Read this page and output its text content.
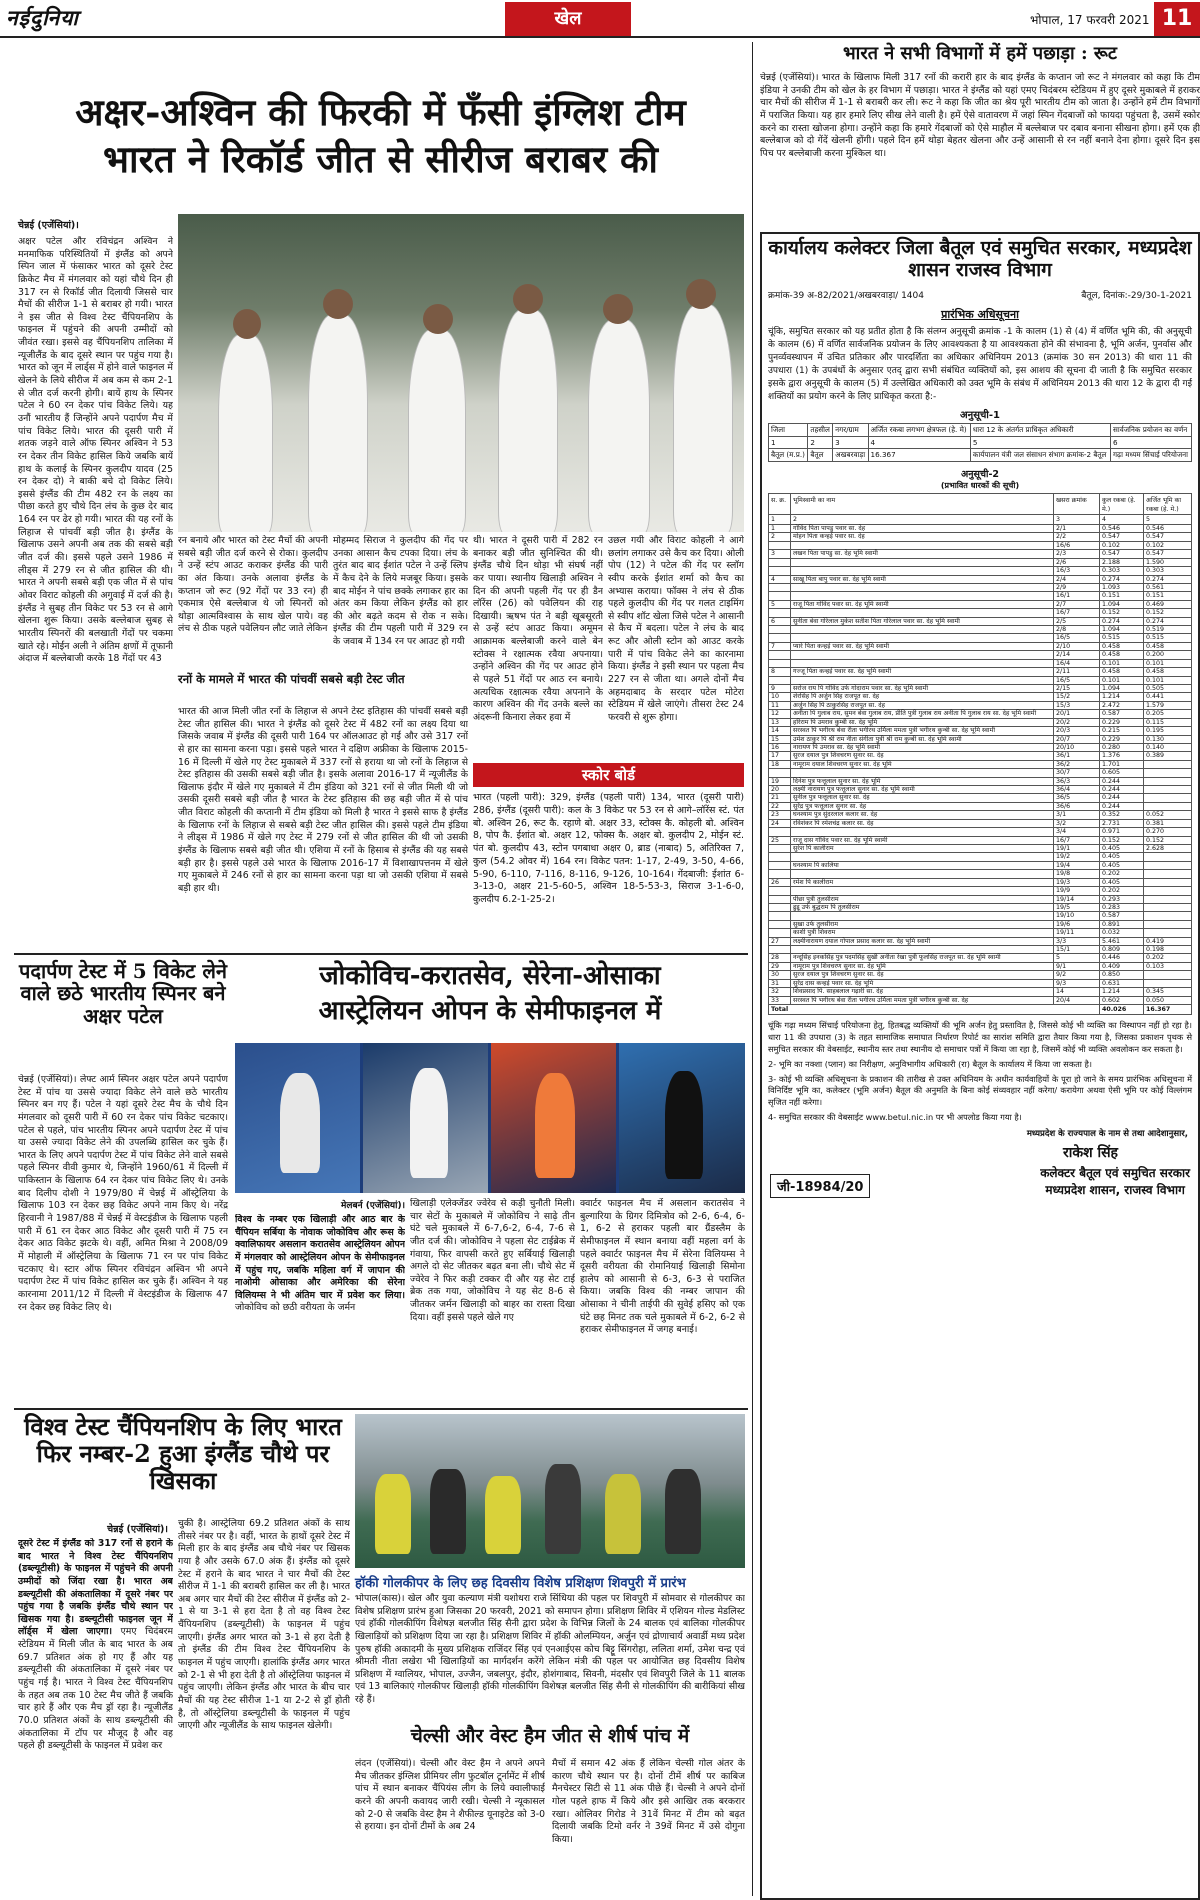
नईदुनिया	खेल	भोपाल, 17 फरवरी 2021 11
अक्षर-अश्विन की फिरकी में फँसी इंग्लिश टीम
भारत ने रिकॉर्ड जीत से सीरीज बराबर की
चेन्नई (एजेंसियां)।
अक्षर पटेल और रविचंद्रन अश्विन ने मनमाफिक परिस्थितियों में इंग्लैंड को अपने स्पिन जाल में फंसाकर भारत को दूसरे टेस्ट क्रिकेट मैच में मंगलवार को यहां चौथे दिन ही 317 रन से रिकॉर्ड जीत दिलायी जिससे चार मैचों की सीरीज 1-1 से बराबर हो गयी। भारत ने इस जीत से विश्व टेस्ट चैंपियनशिप के फाइनल में पहुंचने की अपनी उम्मीदों को जीवंत रखा। इससे वह चैंपियनशिप तालिका में न्यूजीलैंड के बाद दूसरे स्थान पर पहुंच गया है। भारत को जून में लार्ड्स में होने वाले फाइनल में खेलने के लिये सीरीज में अब कम से कम 2-1 से जीत दर्ज करनी होगी। बायें हाथ के स्पिनर पटेल ने 60 रन देकर पांच विकेट लिये। यह उनौं भारतीय हैं जिन्होंने अपने पदार्पण मैच में पांच विकेट लिये। भारत की दूसरी पारी में शतक जड़ने वाले ऑफ स्पिनर अश्विन ने 53 रन देकर तीन विकेट हासिल किये जबकि बायें हाथ के कलाई के स्पिनर कुलदीप यादव (25 रन देकर दो) ने बाकी बचे दो विकेट लिये। इससे इंग्लैंड की टीम 482 रन के लक्ष्य का पीछा करते हुए चौथे दिन लंच के कुछ देर बाद 164 रन पर ढेर हो गयी। भारत की यह रनों के लिहाज से पांचवीं बड़ी जीत है। इंग्लैंड के खिलाफ उसने अपनी अब तक की सबसे बड़ी जीत दर्ज की। इससे पहले उसने 1986 में लीड्स में 279 रन से जीत हासिल की थी। भारत ने अपनी सबसे बड़ी एक जीत में से पांच ओवर विराट कोहली की अगुवाई में दर्ज की है। इंग्लैंड ने सुबह तीन विकेट पर 53 रन से आगे खेलना शुरू किया। उसके बल्लेबाज सुबह से भारतीय स्पिनरों की बलखाती गेंदों पर चकमा खाते रहे। मोईन अली ने अंतिम क्षणों में तूफानी अंदाज में बल्लेबाजी करके 18 गेंदों पर 43
रन बनाये और भारत को टेस्ट मैचों की अपनी सबसे बड़ी जीत दर्ज करने से रोका। कुलदीप ने उन्हें स्टंप आउट कराकर इंग्लैंड की पारी का अंत किया। उनके अलावा इंग्लैंड के कप्तान जो रूट (92 गेंदों पर 33 रन) ही एकमात्र ऐसे बल्लेबाज थे जो स्पिनरों को थोड़ा आत्मविश्वास के साथ खेल पाये। वह लंच से ठीक पहले पवेलियन लौट जाते लेकिन
मोहम्मद सिराज ने कुलदीप की गेंद पर उनका आसान कैच टपका दिया। लंच के तुरंत बाद बाद ईशांत पटेल ने उन्हें स्लिप में कैच देने के लिये मजबूर किया। इसके बाद मोईन ने पांच छक्के लगाकर हार का अंतर कम किया लेकिन इंग्लैंड को हार की ओर बढ़ते कदम से रोक न सके। इंग्लैंड की टीम पहली पारी में 329 रन के जवाब में 134 रन पर आउट हो गयी
थी। भारत ने दूसरी पारी में 282 रन बनाकर बड़ी जीत सुनिश्चित की थी। इंग्लैंड चौथे दिन थोड़ा भी संघर्ष नहीं कर पाया। स्थानीय खिलाड़ी अश्विन ने दिन की अपनी पहली गेंद पर ही डैन लॉरेंस (26) को पवेलियन की राह दिखायी। ऋषभ पंत ने बड़ी खूबसूरती से उन्हें स्टंप आउट किया। अमूमन आक्रामक बल्लेबाजी करने वाले बेन स्टोक्स ने रक्षात्मक रवैया अपनाया। उन्होंने अश्विन की गेंद पर आउट होने से पहले 51 गेंदों पर आठ रन बनाये। अत्यधिक रक्षात्मक रवैया अपनाने के कारण अश्विन की गेंद उनके बल्ले का अंदरूनी किनारा लेकर हवा में
उछल गयी और विराट कोहली ने आगे छलांग लगाकर उसे कैच कर दिया। ओली पोप (12) ने पटेल की गेंद पर स्लॉग स्वीप करके ईशांत शर्मा को कैच का अभ्यास कराया। फॉक्स ने लंच से ठीक पहले कुलदीप की गेंद पर गलत टाइमिंग से स्वीप शॉट खेला जिसे पटेल ने आसानी से कैच में बदला। पटेल ने लंच के बाद रूट और ओली स्टोन को आउट करके पारी में पांच विकेट लेने का कारनामा किया। इंग्लैंड ने इसी स्थान पर पहला मैच 227 रन से जीता था। अगले दोनों मैच अहमदाबाद के सरदार पटेल मोटेरा स्टेडियम में खेले जाएंगे। तीसरा टेस्ट 24 फरवरी से शुरू होगा।
रनों के मामले में भारत की पांचवीं सबसे बड़ी टेस्ट जीत
भारत की आज मिली जीत रनों के लिहाज से अपने टेस्ट इतिहास की पांचवीं सबसे बड़ी टेस्ट जीत हासिल की। भारत ने इंग्लैंड को दूसरे टेस्ट में 482 रनों का लक्ष्य दिया था जिसके जवाब में इंग्लैंड की दूसरी पारी 164 पर ऑलआउट हो गई और उसे 317 रनों से हार का सामना करना पड़ा। इससे पहले भारत ने दक्षिण अफ्रीका के खिलाफ 2015-16 में दिल्ली में खेले गए टेस्ट मुकाबले में 337 रनों से हराया था जो रनों के लिहाज से टेस्ट इतिहास की उसकी सबसे बड़ी जीत है। इसके अलावा 2016-17 में न्यूजीलैंड के खिलाफ इंदौर में खेले गए मुकाबले में टीम इंडिया को 321 रनों से जीत मिली थी जो उसकी दूसरी सबसे बड़ी जीत है भारत के टेस्ट इतिहास की छह बड़ी जीत में से पांच जीत विराट कोहली की कप्तानी में टीम इंडिया को मिली है भारत ने इससे साफ है इंग्लैंड के खिलाफ रनों के लिहाज से सबसे बड़ी टेस्ट जीत हासिल की। इससे पहले टीम इंडिया ने लीड्स में 1986 में खेले गए टेस्ट में 279 रनों से जीत हासिल की थी जो उसकी इंग्लैंड के खिलाफ सबसे बड़ी जीत थी। एशिया में रनों के हिसाब से इंग्लैंड की यह सबसे बड़ी हार है। इससे पहले उसे भारत के खिलाफ 2016-17 में विशाखापत्तनम में खेले गए मुकाबले में 246 रनों से हार का सामना करना पड़ा था जो उसकी एशिया में सबसे बड़ी हार थी।
स्कोर बोर्ड
भारत (पहली पारी): 329, इंग्लैंड (पहली पारी) 134, भारत (दूसरी पारी) 286, इंग्लैंड (दूसरी पारी): कल के 3 विकेट पर 53 रन से आगे–लॉरेंस स्टं. पंत बो. अश्विन 26, रूट कै. रहाणे बो. अक्षर 33, स्टोक्स कै. कोहली बो. अश्विन 8, पोप कै. ईशांत बो. अक्षर 12, फोक्स कै. अक्षर बो. कुलदीप 2, मोईन स्टं. पंत बो. कुलदीप 43, स्टोन पगबाधा अक्षर 0, ब्राड (नाबाद) 5, अतिरिक्त 7, कुल (54.2 ओवर में) 164 रन। विकेट पतन: 1-17, 2-49, 3-50, 4-66, 5-90, 6-110, 7-116, 8-116, 9-126, 10-164। गेंदबाजी: ईशांत 6-3-13-0, अक्षर 21-5-60-5, अश्विन 18-5-53-3, सिराज 3-1-6-0, कुलदीप 6.2-1-25-2।
पदार्पण टेस्ट में 5 विकेट लेने वाले छठे भारतीय स्पिनर बने अक्षर पटेल
चेन्नई (एजेंसियां)। लेफ्ट आर्म स्पिनर अक्षर पटेल अपने पदार्पण टेस्ट में पांच या उससे ज्यादा विकेट लेने वाले छठे भारतीय स्पिनर बन गए हैं। पटेल ने यहां दूसरे टेस्ट मैच के चौथे दिन मंगलवार को दूसरी पारी में 60 रन देकर पांच विकेट चटकाए। पटेल से पहले, पांच भारतीय स्पिनर अपने पदार्पण टेस्ट में पांच या उससे ज्यादा विकेट लेने की उपलब्धि हासिल कर चुके हैं। भारत के लिए अपने पदार्पण टेस्ट में पांच विकेट लेने वाले सबसे पहले स्पिनर वीवी कुमार थे, जिन्होंने 1960/61 में दिल्ली में पाकिस्तान के खिलाफ 64 रन देकर पांच विकेट लिए थे। उनके बाद दिलीप दोशी ने 1979/80 में चेन्नई में ऑस्ट्रेलिया के खिलाफ 103 रन देकर छह विकेट अपने नाम किए थे। नरेंद्र हिरवानी ने 1987/88 में चेन्नई में वेस्टइंडीज के खिलाफ पहली पारी में 61 रन देकर आठ विकेट और दूसरी पारी में 75 रन देकर आठ विकेट झटके थे। वहीं, अमित मिश्रा ने 2008/09 में मोहाली में ऑस्ट्रेलिया के खिलाफ 71 रन पर पांच विकेट चटकाए थे। स्टार ऑफ स्पिनर रविचंद्रन अश्विन भी अपने पदार्पण टेस्ट में पांच विकेट हासिल कर चुके हैं। अश्विन ने यह कारनामा 2011/12 में दिल्ली में वेस्टइंडीज के खिलाफ 47 रन देकर छह विकेट लिए थे।
जोकोविच-करातसेव, सेरेना-ओसाका
आस्ट्रेलियन ओपन के सेमीफाइनल में
मेलबर्न (एजेंसियां)।
विश्व के नम्बर एक खिलाड़ी और आठ बार के चैंपियन सर्बिया के नोवाक जोकोविच और रूस के क्वालिफायर असलान करातसेव आस्ट्रेलियन ओपन में मंगलवार को आस्ट्रेलियन ओपन के सेमीफाइनल में पहुंच गए, जबकि महिला वर्ग में जापान की नाओमी ओसाका और अमेरिका की सेरेना विलियम्स ने भी अंतिम चार में प्रवेश कर लिया। जोकोविच को छठी वरीयता के जर्मन
खिलाड़ी एलेक्जेंडर ज्वेरेव से कड़ी चुनौती मिली। चार सेटों के मुकाबले में जोकोविच ने साढ़े तीन घंटे चले मुकाबले में 6-7,6-2, 6-4, 7-6 से जीत दर्ज की। जोकोविच ने पहला सेट टाईब्रेक में गंवाया, फिर वापसी करते हुए सर्बियाई खिलाड़ी अगले दो सेट जीतकर बढ़त बना ली। चौथे सेट में ज्वेरेव ने फिर कड़ी टक्कर दी और यह सेट टाई ब्रेक तक गया, जोकोविच ने यह सेट 8-6 से जीतकर जर्मन खिलाड़ी को बाहर का रास्ता दिखा दिया। वहीं इससे पहले खेले गए
क्वार्टर फाइनल मैच में असलान करातसेव ने बुल्गारिया के ग्रिगर दिमित्रोव को 2-6, 6-4, 6-1, 6-2 से हराकर पहली बार ग्रैंडस्लैम के सेमीफाइनल में स्थान बनाया वहीं महला वर्ग के पहले क्वार्टर फाइनल मैच में सेरेना विलियम्स ने दूसरी वरीयता की रोमानियाई खिलाड़ी सिमोना हालेप को आसानी से 6-3, 6-3 से पराजित किया। जबकि विश्व की नम्बर जापान की ओसाका ने चीनी ताईपी की सुवेई हसिए को एक घंटे छह मिनट तक चले मुकाबले में 6-2, 6-2 से हराकर सेमीफाइनल में जगह बनाई।
विश्व टेस्ट चैंपियनशिप के लिए भारत फिर नम्बर-2 हुआ इंग्लैंड चौथे पर खिसका
चेन्नई (एजेंसियां)।
दूसरे टेस्ट में इंग्लैंड को 317 रनों से हराने के बाद भारत ने विश्व टेस्ट चैंपियनशिप (डब्ल्यूटीसी) के फाइनल में पहुंचने की अपनी उम्मीदों को जिंदा रखा है। भारत अब डब्ल्यूटीसी की अंकतालिका में दूसरे नंबर पर पहुंच गया है जबकि इंग्लैंड चौथे स्थान पर खिसक गया है। डब्ल्यूटीसी फाइनल जून में लॉर्ड्स में खेला जाएगा। एमए चिदंबरम स्टेडियम में मिली जीत के बाद भारत के अब 69.7 प्रतिशत अंक हो गए हैं और यह डब्ल्यूटीसी की अंकतालिका में दूसरे नंबर पर पहुंच गई है। भारत ने विश्व टेस्ट चैंपियनशिप के तहत अब तक 10 टेस्ट मैच जीते हैं जबकि चार हारे हैं और एक मैच ड्रॉ रहा है। न्यूजीलैंड 70.0 प्रतिशत अंकों के साथ डब्ल्यूटीसी की अंकतालिका में टॉप पर मौजूद है और वह पहले ही डब्ल्यूटीसी के फाइनल में प्रवेश कर
चुकी है। आस्ट्रेलिया 69.2 प्रतिशत अंकों के साथ तीसरे नंबर पर है। वहीं, भारत के हाथों दूसरे टेस्ट में मिली हार के बाद इंग्लैंड अब चौथे नंबर पर खिसक गया है और उसके 67.0 अंक हैं। इंग्लैंड को दूसरे टेस्ट में हराने के बाद भारत ने चार मैचों की टेस्ट सीरीज में 1-1 की बराबरी हासिल कर ली है। भारत अब अगर चार मैचों की टेस्ट सीरीज में इंग्लैंड को 2-1 से या 3-1 से हरा देता है तो वह विश्व टेस्ट चैंपियनशिप (डब्ल्यूटीसी) के फाइनल में पहुंच जाएगी। इंग्लैंड अगर भारत को 3-1 से हरा देती है तो इंग्लैंड की टीम विश्व टेस्ट चैंपियनशिप के फाइनल में पहुंच जाएगी। हालांकि इंग्लैंड अगर भारत को 2-1 से भी हरा देती है तो ऑस्ट्रेलिया फाइनल में पहुंच जाएगी। लेकिन इंग्लैंड और भारत के बीच चार मैचों की यह टेस्ट सीरीज 1-1 या 2-2 से ड्रॉ होती है, तो ऑस्ट्रेलिया डब्ल्यूटीसी के फाइनल में पहुंच जाएगी और न्यूजीलैंड के साथ फाइनल खेलेगी।
हॉकी गोलकीपर के लिए छह दिवसीय विशेष प्रशिक्षण शिवपुरी में प्रारंभ
भोपाल(कास)। खेल और युवा कल्याण मंत्री यशोधरा राजे सिंधिया की पहल पर शिवपुरी में सोमवार से गोलकीपर का विशेष प्रशिक्षण प्रारंभ हुआ जिसका 20 फरवरी, 2021 को समापन होगा। प्रशिक्षण शिविर में एशियन गोल्ड मेडलिस्ट एवं हॉकी गोलकीपिंग विशेषज्ञ बलजीत सिंह सैनी द्वारा प्रदेश के विभिन्न जिलों के 24 बालक एवं बालिका गोलकीपर खिलाड़ियों को प्रशिक्षण दिया जा रहा है। प्रशिक्षण शिविर में हॉकी ओलम्पियन, अर्जुन एवं द्रोणाचार्य अवार्डी मध्य प्रदेश पुरुष हॉकी अकादमी के मुख्य प्रशिक्षक राजिंदर सिंह एवं एनआईएस कोच बिट्टू सिंगरोहा, ललिता शर्मा, उमेश चन्द्र एवं श्रीमती नीता लखेरा भी खिलाड़ियों का मार्गदर्शन करेंगे लेकिन मंत्री की पहल पर आयोजित छह दिवसीय विशेष प्रशिक्षण में ग्वालियर, भोपाल, उज्जैन, जबलपुर, इंदौर, होशंगाबाद, सिवनी, मंदसौर एवं शिवपुरी जिले के 11 बालक एवं 13 बालिकाएं गोलकीपर खिलाड़ी हॉकी गोलकीपिंग विशेषज्ञ बलजीत सिंह सैनी से गोलकीपिंग की बारीकियां सीख रहे हैं।
चेल्सी और वेस्ट हैम जीत से शीर्ष पांच में
लंदन (एजेंसियां)। चेल्सी और वेस्ट हैम ने अपने अपने मैच जीतकर इंग्लिश प्रीमियर लीग फुटबॉल टूर्नामेंट में शीर्ष पांच में स्थान बनाकर चैंपियंस लीग के लिये क्वालीफाई करने की अपनी कवायद जारी रखी। चेल्सी ने न्यूकासल को 2-0 से जबकि वेस्ट हैम ने शैफील्ड यूनाइटेड को 3-0 से हराया। इन दोनों टीमों के अब 24
मैचों में समान 42 अंक हैं लेकिन चेल्सी गोल अंतर के कारण चौथे स्थान पर है। दोनों टीमें शीर्ष पर काबिज मैनचेस्टर सिटी से 11 अंक पीछे हैं। चेल्सी ने अपने दोनों गोल पहले हाफ में किये और इसे आखिर तक बरकरार रखा। ओलिवर गिरोड ने 31वें मिनट में टीम को बढ़त दिलायी जबकि टिमो वर्नर ने 39वें मिनट में उसे दोगुना किया।
भारत ने सभी विभागों में हमें पछाड़ा : रूट
चेन्नई (एजेंसियां)। भारत के खिलाफ मिली 317 रनों की करारी हार के बाद इंग्लैंड के कप्तान जो रूट ने मंगलवार को कहा कि टीम इंडिया ने उनकी टीम को खेल के हर विभाग में पछाड़ा। भारत ने इंग्लैंड को यहां एमए चिदंबरम स्टेडियम में हुए दूसरे मुकाबले में हराकर चार मैचों की सीरीज में 1-1 से बराबरी कर ली। रूट ने कहा कि जीत का श्रेय पूरी भारतीय टीम को जाता है। उन्होंने हमें टीम विभागों में पराजित किया। यह हार हमारे लिए सीख लेने वाली है। हमें ऐसे वातावरण में जहां स्पिन गेंदबाजों को फायदा पहुंचता है, उसमें स्कोर करने का रास्ता खोजना होगा। उन्होंने कहा कि हमारे गेंदबाजों को ऐसे माहौल में बल्लेबाज पर दबाव बनाना सीखना होगा। हमें एक ही बल्लेबाज को दो गेंदें खेलनी होंगी। पहले दिन हमें थोड़ा बेहतर खेलना और उन्हें आसानी से रन नहीं बनाने देना होगा। दूसरे दिन इस पिच पर बल्लेबाजी करना मुश्किल था।
कार्यालय कलेक्टर जिला बैतूल एवं समुचित सरकार, मध्यप्रदेश शासन राजस्व विभाग
क्रमांक-39 अ-82/2021/अखबरवाड़ा/ 1404	बैतूल, दिनांक:-29/30-1-2021
प्रारंभिक अधिसूचना
चूंकि, समुचित सरकार को यह प्रतीत होता है कि संलग्न अनुसूची क्रमांक -1 के कालम (1) से (4) में वर्णित भूमि की, की अनुसूची के कालम (6) में वर्णित सार्वजनिक प्रयोजन के लिए आवश्यकता है या आवश्यकता होने की संभावना है, भूमि अर्जन, पुनर्वास और पुनर्व्यवस्थापन में उचित प्रतिकार और पारदर्शिता का अधिकार अधिनियम 2013 (क्रमांक 30 सन 2013) की धारा 11 की उपधारा (1) के उपबंधों के अनुसार एतद् द्वारा सभी संबंधित व्यक्तियों को, इस आशय की सूचना दी जाती है कि समुचित सरकार इसके द्वारा अनुसूची के कालम (5) में उल्लेखित अधिकारी को उक्त भूमि के संबंध में अधिनियम 2013 की धारा 12 के द्वारा दी गई शक्तियों का प्रयोग करने के लिए प्राधिकृत करता है:-
अनुसूची-1
जिला	तहसील	नगर/ग्राम	अर्जित रकबा लगभग क्षेत्रफल (हे. मे)	धारा 12 के अंतर्गत प्राधिकृत अधिकारी	सार्वजनिक प्रयोजन का वर्णन
1	2	3	4	5	6
बैतूल (म.प्र.)	बैतूल	अखबरवाड़ा	16.367	कार्यपालन यंत्री जल संसाधन संभाग क्रमांक-2 बैतूल	गढ़ा मध्यम सिंचाई परियोजना
अनुसूची-2
(प्रभावित धारकों की सूची)
स. क्र.	भूमिस्वामी का नाम	खसरा क्रमांक	कुल रकबा (हे. मे.)	अर्जित भूमि का रकबा (हे. मे.)
1	2	3	4	5
1	गोविंद पिता पापडु पवार सा. देह	2/1	0.546	0.546
2	मोहन पिता कन्हई पवार सा. देह	2/2	0.547	0.547
		16/6	0.102	0.102
3	लखन पिता पापडु सा. देह भूमि स्वामी	2/3	0.547	0.547
		2/6	2.188	1.590
		16/3	0.303	0.303
4	साखू पिता बापु पवार सा. देह भूमि स्वामी	2/4	0.274	0.274
		2/9	1.093	0.561
		16/1	0.151	0.151
5	राजू पिता गोविंद पवार सा. देह भूमि स्वामी	2/7	1.094	0.469
		16/7	0.152	0.152
6	सुनीता बेवा गोरेलाल मुकेश सतीश पिता गोरेलाल पवार सा. देह भूमि स्वामी	2/5	0.274	0.274
		2/8	1.094	0.519
		16/5	0.515	0.515
7	प्यारे पिता कन्हई पवार सा. देह भूमि स्वामी	2/10	0.458	0.458
		2/14	0.458	0.200
		16/4	0.101	0.101
8	गज्जू पिता कन्हई पवार सा. देह भूमि स्वामी	2/11	0.458	0.458
		16/5	0.101	0.101
9	सरोज राय पि गोविंद उर्फ गोदाराम पवार सा. देह भूमि स्वामी	2/15	1.094	0.505
10	शेरसिंह पि अर्जुन सिंह राजपूत सा. देह	15/2	1.214	0.441
11	अर्जुन सिंह पि ठाकुरसिंह राजपूत सा. देह	15/3	2.472	1.579
12	अनीता पि गुलाब राय, सुमन बेवा गुलाब राय, प्रीति पुत्री गुलाब राय अनीता पि गुलाब राय सा. देह भूमि स्वामी	20/1	0.587	0.205
13	हरिराम पि उमराव कुम्बी सा. देह भूमि	20/2	0.229	0.115
14	सरस्वत पि भगीरथ बेवा रीता भगीरथ उर्मिला ममता पुत्री भगीरथ कुन्बी सा. देह भूमि स्वामी	20/3	0.215	0.195
15	उमेश ठाकुर पि श्री राम नीता संगीता पुत्री श्री राम कुन्बी सा. देह भूमि स्वामी	20/7	0.229	0.130
16	नारायण पि उमराव सा. देह भूमि स्वामी	20/10	0.280	0.140
17	सुरज दयाल पुत्र शिवचरण सुनार सा. देह	36/1	1.376	0.389
18	नामूराम दयाल शिवचरण सुनार सा. देह भूमि	36/2	1.701	
		30/7	0.605	
19	दिनेश पुत्र फत्तूलाल सुनार सा. देह भूमि	36/3	0.244	
20	लक्ष्मी नारायण पुत्र फत्तूलाल सुनार सा. देह भूमि स्वामी	36/4	0.244	
21	सुनील पुत्र फत्तूलाल सुनार सा. देह	36/5	0.244	
22	सुरेंद्र पुत्र फत्तूलाल सुनार सा. देह	36/6	0.244	
23	घनश्याम पुत्र सुंदरलाल कलार सा. देह	3/1	0.352	0.052
24	रविशंकर पि रमेशचंद्र कलार सा. देह	3/2	2.731	0.381
		3/4	0.971	0.270
25	राजू दास गोविंद पवार सा. देह भूमि स्वामी	16/7	0.152	0.152
	सुरेश पि कालीराम	19/1	0.405	2.628
		19/2	0.405	
	घनश्याम पि कालिया	19/4	0.405	
		19/8	0.202	
26	रमेश पि कालीराम	19/3	0.405	
		19/9	0.202	
	पीछा पुत्री तुलसीराम	19/14	0.293	
	ढुइू उर्फ बुद्धराम पि तुलसीराम	19/5	0.283	
		19/10	0.587	
	सुखा उर्फ तुलसीराम	19/6	0.891	
	काशी पुत्री शिवराम	19/11	0.032	
27	लक्ष्मीनारायण दयाल गोपाल प्रसाद कलार सा. देह भूमि स्वामी	3/3	5.461	0.419
		15/1	0.809	0.198
28	नन्दूसिंह इनकसिंह पुत्र पदमसिंह सुखी अनीता रेखा पुत्री फूलसिंह राजपूत सा. देह भूमि स्वामी	5	0.446	0.202
29	नामूराम पुत्र शिवचरण सुनार सा. देह भूमि	9/1	0.409	0.103
30	सुरज दयाल पुत्र शिवचरण सुनार सा. देह	9/2	0.850	
31	सुरेंद्र दास कन्हई पवार सा. देह भूमि	9/3	0.631	
32	शिवप्रसाद पि. साहबलाल गढ़ारी सा. देह	14	1.214	0.345
33	सरस्वत पि भगीरथ बेवा रीता भगीरथ उर्मिला ममता पुत्री भगीरथ कुन्बी सा. देह	20/4	0.602	0.050
Total			40.026	16.367
चूंकि गढ़ा मध्यम सिंचाई परियोजना हेतु, हितबद्ध व्यक्तियों की भूमि अर्जन हेतु प्रस्तावित है, जिससे कोई भी व्यक्ति का विस्थापन नहीं हो रहा है। धारा 11 की उपधारा (3) के तहत सामाजिक समाघात निर्धारण रिपोर्ट का सारांश समिति द्वारा तैयार किया गया है, जिसका प्रकाशन पृथक से समुचित सरकार की वेबसाईट, स्थानीय स्तर तथा स्थानीय दो समाचार पत्रों में किया जा रहा है, जिसमें कोई भी व्यक्ति अवलोकन कर सकता है।
2- भूमि का नक्शा (प्लान) का निरीक्षण, अनुविभागीय अधिकारी (रा) बैतूल के कार्यालय में किया जा सकता है।
3- कोई भी व्यक्ति अधिसूचना के प्रकाशन की तारीख से उक्त अधिनियम के अधीन कार्यवाहियों के पूरा हो जाने के समय प्रारंभिक अधिसूचना में विनिर्दिष्ट भूमि का, कलेक्टर (भूमि अर्जन) बैतूल की अनुमति के बिना कोई संव्यवहार नहीं करेगा/ करायेगा अथवा ऐसी भूमि पर कोई विल्लंगम सृजित नहीं करेगा।
4- समुचित सरकार की वेबसाईट www.betul.nic.in पर भी अपलोड किया गया है।
मध्यप्रदेश के राज्यपाल के नाम से तथा आदेशानुसार,
राकेश सिंह
जी-18984/20
कलेक्टर बैतूल एवं समुचित सरकार
मध्यप्रदेश शासन, राजस्व विभाग
